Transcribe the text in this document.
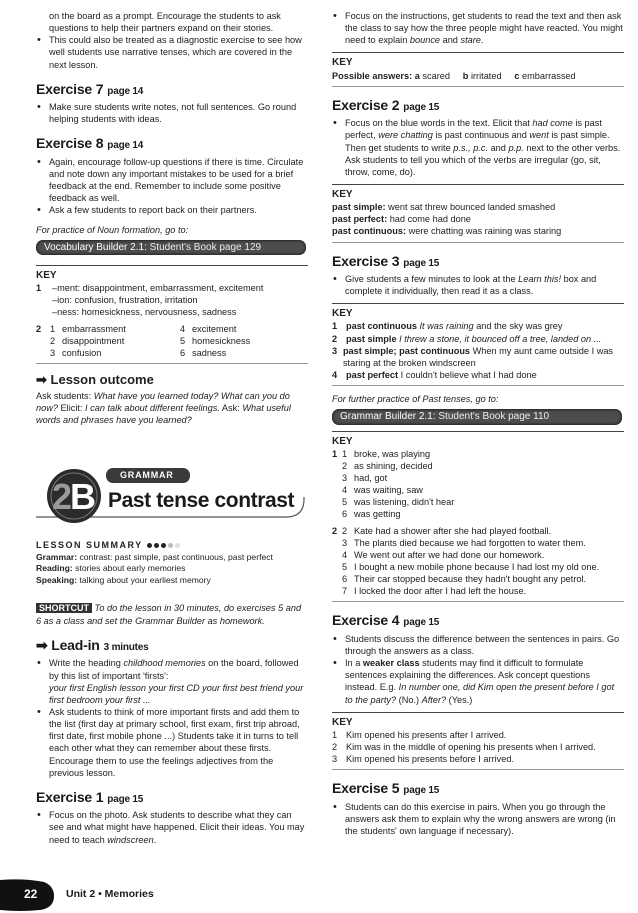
on the board as a prompt. Encourage the students to ask questions to help their partners expand on their stories.

• This could also be treated as a diagnostic exercise to see how well students use narrative tenses, which are covered in the next lesson.

Exercise 7 page 14

• Make sure students write notes, not full sentences. Go round helping students with ideas.

Exercise 8 page 14

• Again, encourage follow-up questions if there is time. Circulate and note down any important mistakes to be used for a brief feedback at the end. Remember to include some positive feedback as well.

• Ask a few students to report back on their partners.

For practice of Noun formation, go to:

Vocabulary Builder 2.1: Student's Book page 129
KEY
1	–ment: disappointment, embarrassment, excitement
–ion: confusion, frustration, irritation
–ness: homesickness, nervousness, sadness
2 1 embarrassment	4 excitement
2 disappointment	5 homesickness
3 confusion	6 sadness
➡ Lesson outcome

Ask students: What have you learned today? What can you do now? Elicit: I can talk about different feelings. Ask: What useful words and phrases have you learned?

2
B
GRAMMAR
Past tense contrast
LESSON SUMMARY

Grammar: contrast: past simple, past continuous, past perfect

Reading: stories about early memories

Speaking: talking about your earliest memory

SHORTCUT To do the lesson in 30 minutes, do exercises 5 and 6 as a class and set the Grammar Builder as homework.

➡ Lead-in 3 minutes

• Write the heading childhood memories on the board, followed by this list of important 'firsts':
your first English lesson your first CD your first best friend your first bedroom your first ...

• Ask students to think of more important firsts and add them to the list (first day at primary school, first exam, first trip abroad, first date, first mobile phone ...) Students take it in turns to tell each other what they can remember about these firsts. Encourage them to use the feelings adjectives from the previous lesson.

Exercise 1 page 15

• Focus on the photo. Ask students to describe what they can see and what might have happened. Elicit their ideas. You may need to teach windscreen.

• Focus on the instructions, get students to read the text and then ask the class to say how the three people might have reacted. You might need to explain bounce and stare.

KEY

Possible answers: a scared b irritated c embarrassed

Exercise 2 page 15

• Focus on the blue words in the text. Elicit that had come is past perfect, were chatting is past continuous and went is past simple. Then get students to write p.s., p.c. and p.p. next to the other verbs. Ask students to tell you which of the verbs are irregular (go, sit, throw, come, do).

KEY

past simple: went sat threw bounced landed smashed

past perfect: had come had done

past continuous: were chatting was raining was staring

Exercise 3 page 15

• Give students a few minutes to look at the Learn this! box and complete it individually, then read it as a class.

KEY
1 past continuous It was raining and the sky was grey
2 past simple I threw a stone, it bounced off a tree, landed on ...
3 past simple; past continuous When my aunt came outside I was staring at the broken windscreen
4 past perfect I couldn't believe what I had done

For further practice of Past tenses, go to:

Grammar Builder 2.1: Student's Book page 110
KEY
1 1 broke, was playing
2 as shining, decided
3 had, got
4 was waiting, saw
5 was listening, didn't hear
6 was getting
2 2 Kate had a shower after she had played football.
3 The plants died because we had forgotten to water them.
4 We went out after we had done our homework.
5 I bought a new mobile phone because I had lost my old one.
6 Their car stopped because they hadn't bought any petrol.
7 I locked the door after I had left the house.
Exercise 4 page 15

• Students discuss the difference between the sentences in pairs. Go through the answers as a class.

• In a weaker class students may find it difficult to formulate sentences explaining the differences. Ask concept questions instead. E.g. In number one, did Kim open the present before I got to the party? (No.) After? (Yes.)

KEY
1 Kim opened his presents after I arrived.
2 Kim was in the middle of opening his presents when I arrived.
3 Kim opened his presents before I arrived.
Exercise 5 page 15

• Students can do this exercise in pairs. When you go through the answers ask them to explain why the wrong answers are wrong (in the students' own language if necessary).

22	Unit 2 • Memories
